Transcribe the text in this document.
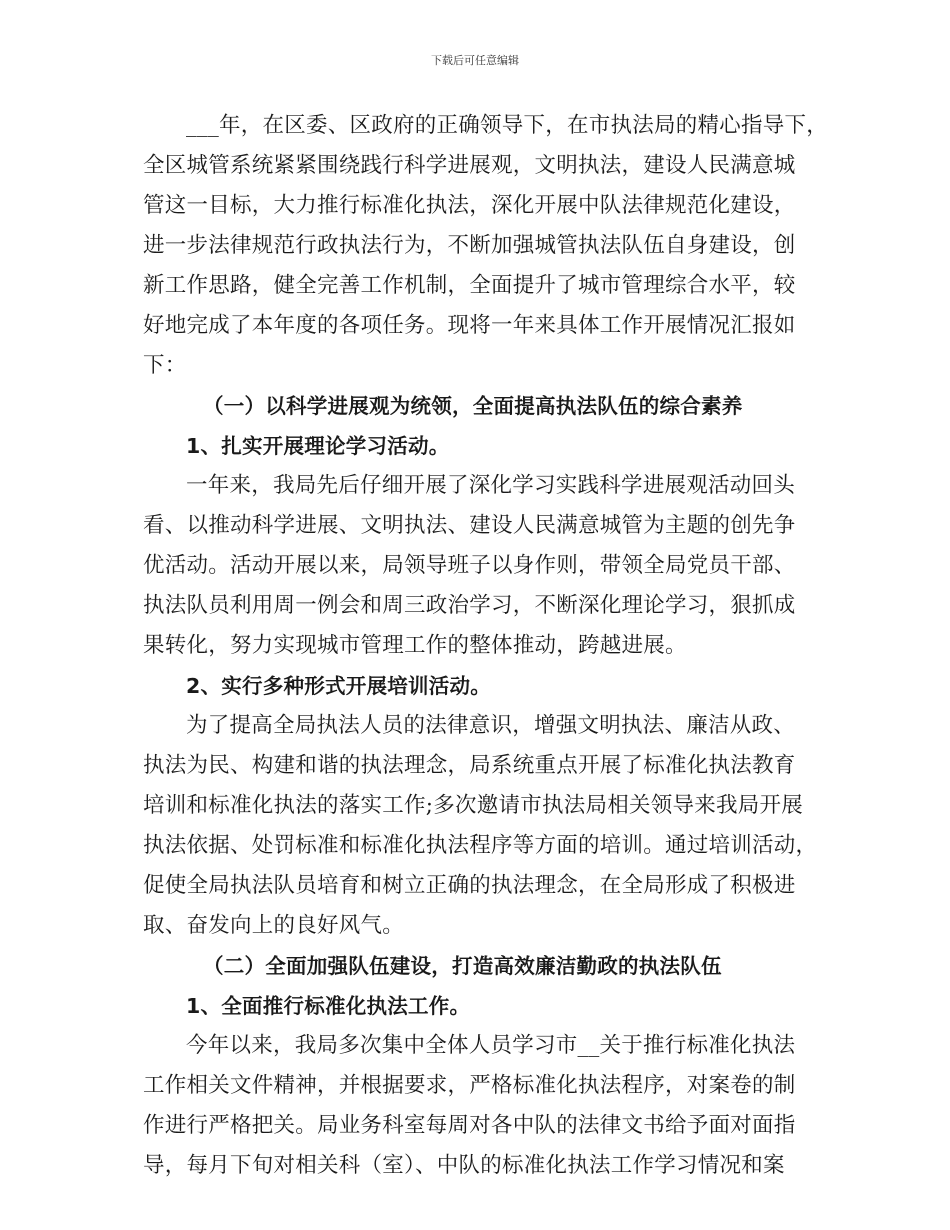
下载后可任意编辑
___年，在区委、区政府的正确领导下，在市执法局的精心指导下，
全区城管系统紧紧围绕践行科学进展观，文明执法，建设人民满意城
管这一目标，大力推行标准化执法，深化开展中队法律规范化建设，
进一步法律规范行政执法行为，不断加强城管执法队伍自身建设，创
新工作思路，健全完善工作机制，全面提升了城市管理综合水平，较
好地完成了本年度的各项任务。现将一年来具体工作开展情况汇报如
下：
（一）以科学进展观为统领，全面提高执法队伍的综合素养
1、扎实开展理论学习活动。
一年来，我局先后仔细开展了深化学习实践科学进展观活动回头
看、以推动科学进展、文明执法、建设人民满意城管为主题的创先争
优活动。活动开展以来，局领导班子以身作则，带领全局党员干部、
执法队员利用周一例会和周三政治学习，不断深化理论学习，狠抓成
果转化，努力实现城市管理工作的整体推动，跨越进展。
2、实行多种形式开展培训活动。
为了提高全局执法人员的法律意识，增强文明执法、廉洁从政、
执法为民、构建和谐的执法理念，局系统重点开展了标准化执法教育
培训和标准化执法的落实工作;多次邀请市执法局相关领导来我局开展
执法依据、处罚标准和标准化执法程序等方面的培训。通过培训活动，
促使全局执法队员培育和树立正确的执法理念，在全局形成了积极进
取、奋发向上的良好风气。
（二）全面加强队伍建设，打造高效廉洁勤政的执法队伍
1、全面推行标准化执法工作。
今年以来，我局多次集中全体人员学习市__关于推行标准化执法
工作相关文件精神，并根据要求，严格标准化执法程序，对案卷的制
作进行严格把关。局业务科室每周对各中队的法律文书给予面对面指
导，每月下旬对相关科（室）、中队的标准化执法工作学习情况和案
